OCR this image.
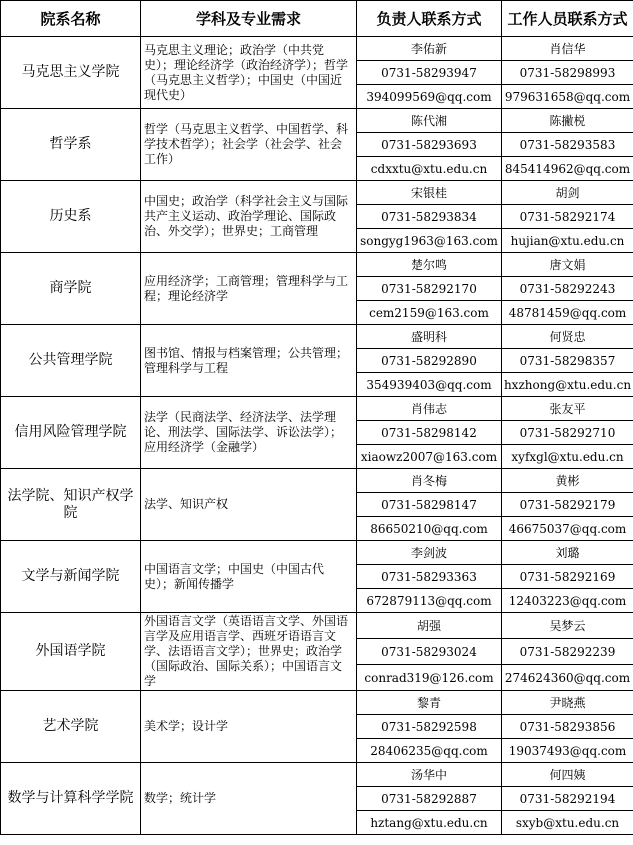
院系名称	学科及专业需求	负责人联系方式	工作人员联系方式
马克思主义学院	马克思主义理论；政治学（中共党史）；理论经济学（政治经济学）；哲学（马克思主义哲学）；中国史（中国近现代史）	李佑新	肖信华
		0731-58293947	0731-58298993
		394099569@qq.com	979631658@qq.com
哲学系	哲学（马克思主义哲学、中国哲学、科学技术哲学）；社会学（社会学、社会工作）	陈代湘	陈撇棁
		0731-58293693	0731-58293583
		cdxxtu@xtu.edu.cn	845414962@qq.com
历史系	中国史；政治学（科学社会主义与国际共产主义运动、政治学理论、国际政治、外交学）；世界史；工商管理	宋银桂	胡剑
		0731-58293834	0731-58292174
		songyg1963@163.com	hujian@xtu.edu.cn
商学院	应用经济学；工商管理；管理科学与工程；理论经济学	楚尔鸣	唐文娟
		0731-58292170	0731-58292243
		cem2159@163.com	48781459@qq.com
公共管理学院	图书馆、情报与档案管理；公共管理；管理科学与工程	盛明科	何贤忠
		0731-58292890	0731-58298357
		354939403@qq.com	hxzhong@xtu.edu.cn
信用风险管理学院	法学（民商法学、经济法学、法学理论、刑法学、国际法学、诉讼法学）；应用经济学（金融学）	肖伟志	张友平
		0731-58298142	0731-58292710
		xiaowz2007@163.com	xyfxgl@xtu.edu.cn
法学院、知识产权学院	法学、知识产权	肖冬梅	黄彬
		0731-58298147	0731-58292179
		86650210@qq.com	46675037@qq.com
文学与新闻学院	中国语言文学；中国史（中国古代史）；新闻传播学	李剑波	刘璐
		0731-58293363	0731-58292169
		672879113@qq.com	12403223@qq.com
外国语学院	外国语言文学（英语语言文学、外国语言学及应用语言学、西班牙语语言文学、法语语言文学）；世界史；政治学（国际政治、国际关系）；中国语言文学	胡强	吴梦云
		0731-58293024	0731-58292239
		conrad319@126.com	274624360@qq.com
艺术学院	美术学；设计学	黎青	尹晓燕
		0731-58292598	0731-58293856
		28406235@qq.com	19037493@qq.com
数学与计算科学学院	数学；统计学	汤华中	何四姨
		0731-58292887	0731-58292194
		hztang@xtu.edu.cn	sxyb@xtu.edu.cn
